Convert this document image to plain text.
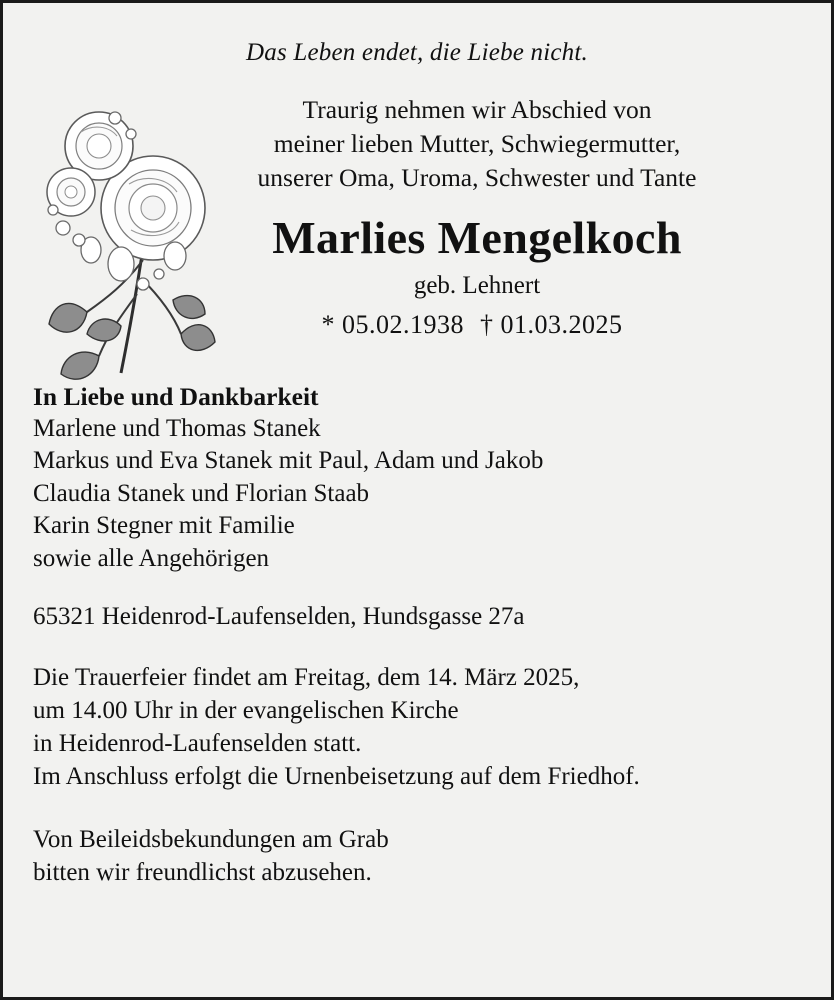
Das Leben endet, die Liebe nicht.
Traurig nehmen wir Abschied von
meiner lieben Mutter, Schwiegermutter,
unserer Oma, Uroma, Schwester und Tante
Marlies Mengelkoch
geb. Lehnert
* 05.02.1938 † 01.03.2025
In Liebe und Dankbarkeit
Marlene und Thomas Stanek
Markus und Eva Stanek mit Paul, Adam und Jakob
Claudia Stanek und Florian Staab
Karin Stegner mit Familie
sowie alle Angehörigen
65321 Heidenrod-Laufenselden, Hundsgasse 27a
Die Trauerfeier findet am Freitag, dem 14. März 2025,
um 14.00 Uhr in der evangelischen Kirche
in Heidenrod-Laufenselden statt.
Im Anschluss erfolgt die Urnenbeisetzung auf dem Friedhof.
Von Beileidsbekundungen am Grab
bitten wir freundlichst abzusehen.
